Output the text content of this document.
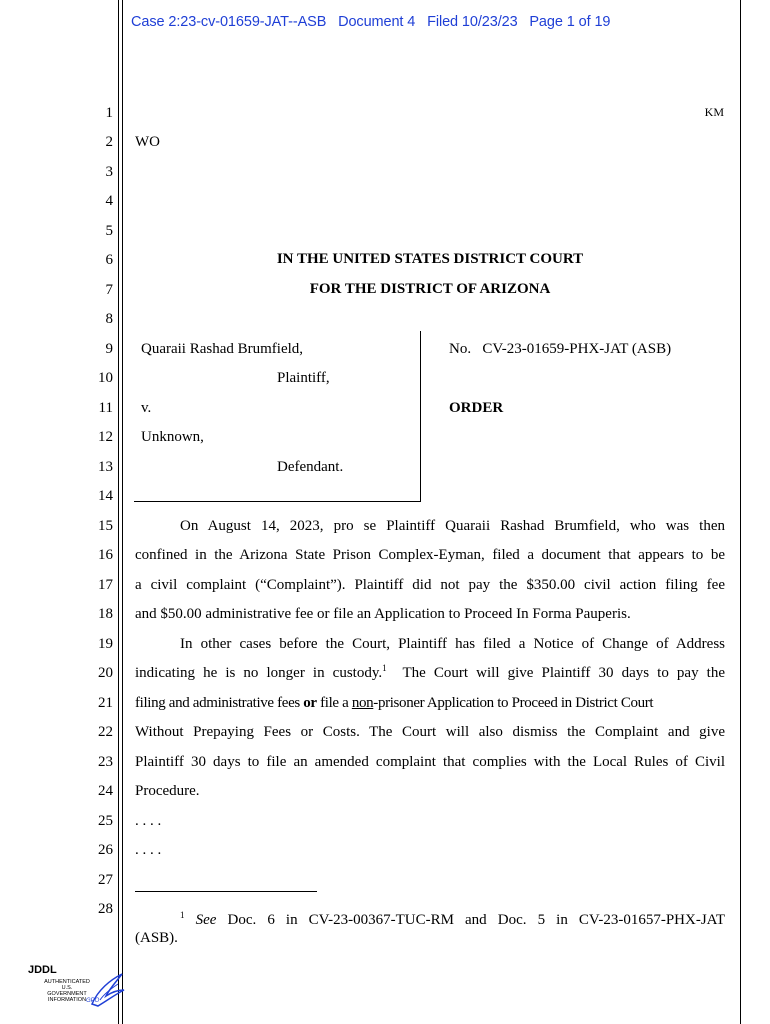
Case 2:23-cv-01659-JAT--ASB Document 4 Filed 10/23/23 Page 1 of 19
1
2
3
4
5
6
7
8
9
10
11
12
13
14
15
16
17
18
19
20
21
22
23
24
25
26
27
28
KM
WO
IN THE UNITED STATES DISTRICT COURT
FOR THE DISTRICT OF ARIZONA
Quaraii Rashad Brumfield,
Plaintiff,
v.
Unknown,
Defendant.
No.   CV-23-01659-PHX-JAT (ASB)
ORDER
On August 14, 2023, pro se Plaintiff Quaraii Rashad Brumfield, who was then
confined in the Arizona State Prison Complex-Eyman, filed a document that appears to be
a civil complaint (“Complaint”). Plaintiff did not pay the $350.00 civil action filing fee
and $50.00 administrative fee or file an Application to Proceed In Forma Pauperis.
In other cases before the Court, Plaintiff has filed a Notice of Change of Address
indicating he is no longer in custody.$^1$  The Court will give Plaintiff 30 days to pay the
filing and administrative fees or file a non-prisoner Application to Proceed in District Court
Without Prepaying Fees or Costs. The Court will also dismiss the Complaint and give
Plaintiff 30 days to file an amended complaint that complies with the Local Rules of Civil
Procedure.
. . . .
. . . .
$^1$ See Doc. 6 in CV-23-00367-TUC-RM and Doc. 5 in CV-23-01657-PHX-JAT
(ASB).
JDDL
AUTHENTICATED
U.S. GOVERNMENT
INFORMATION GPO
